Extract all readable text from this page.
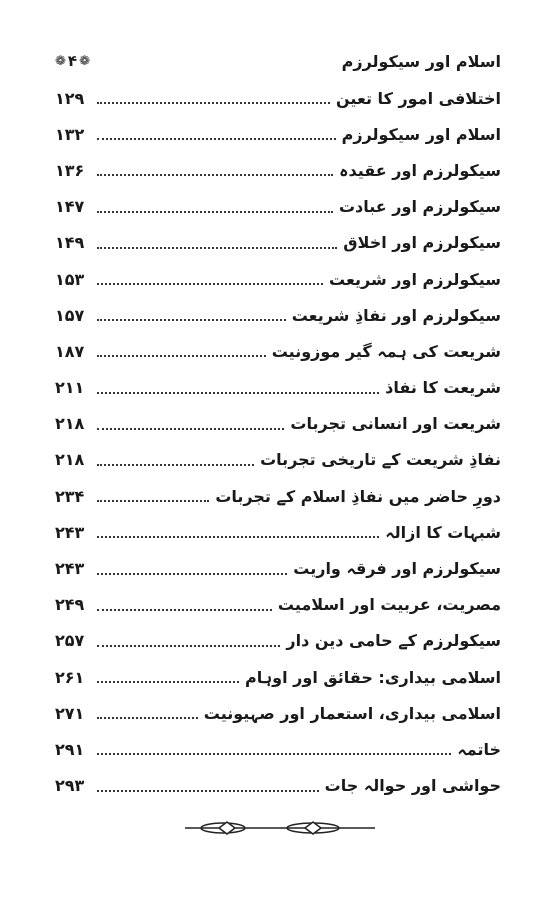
اسلام اور سیکولرزم
❁ ۴ ❁
اختلافی امور کا تعین
۱۲۹
اسلام اور سیکولرزم
۱۳۲
سیکولرزم اور عقیدہ
۱۳۶
سیکولرزم اور عبادت
۱۴۷
سیکولرزم اور اخلاق
۱۴۹
سیکولرزم اور شریعت
۱۵۳
سیکولرزم اور نفاذِ شریعت
۱۵۷
شریعت کی ہمہ گیر موزونیت
۱۸۷
شریعت کا نفاذ
۲۱۱
شریعت اور انسانی تجربات
۲۱۸
نفاذِ شریعت کے تاریخی تجربات
۲۱۸
دورِ حاضر میں نفاذِ اسلام کے تجربات
۲۳۴
شبہات کا ازالہ
۲۴۳
سیکولرزم اور فرقہ واریت
۲۴۳
مصریت، عربیت اور اسلامیت
۲۴۹
سیکولرزم کے حامی دین دار
۲۵۷
اسلامی بیداری: حقائق اور اوہام
۲۶۱
اسلامی بیداری، استعمار اور صہیونیت
۲۷۱
خاتمہ
۲۹۱
حواشی اور حوالہ جات
۲۹۳
